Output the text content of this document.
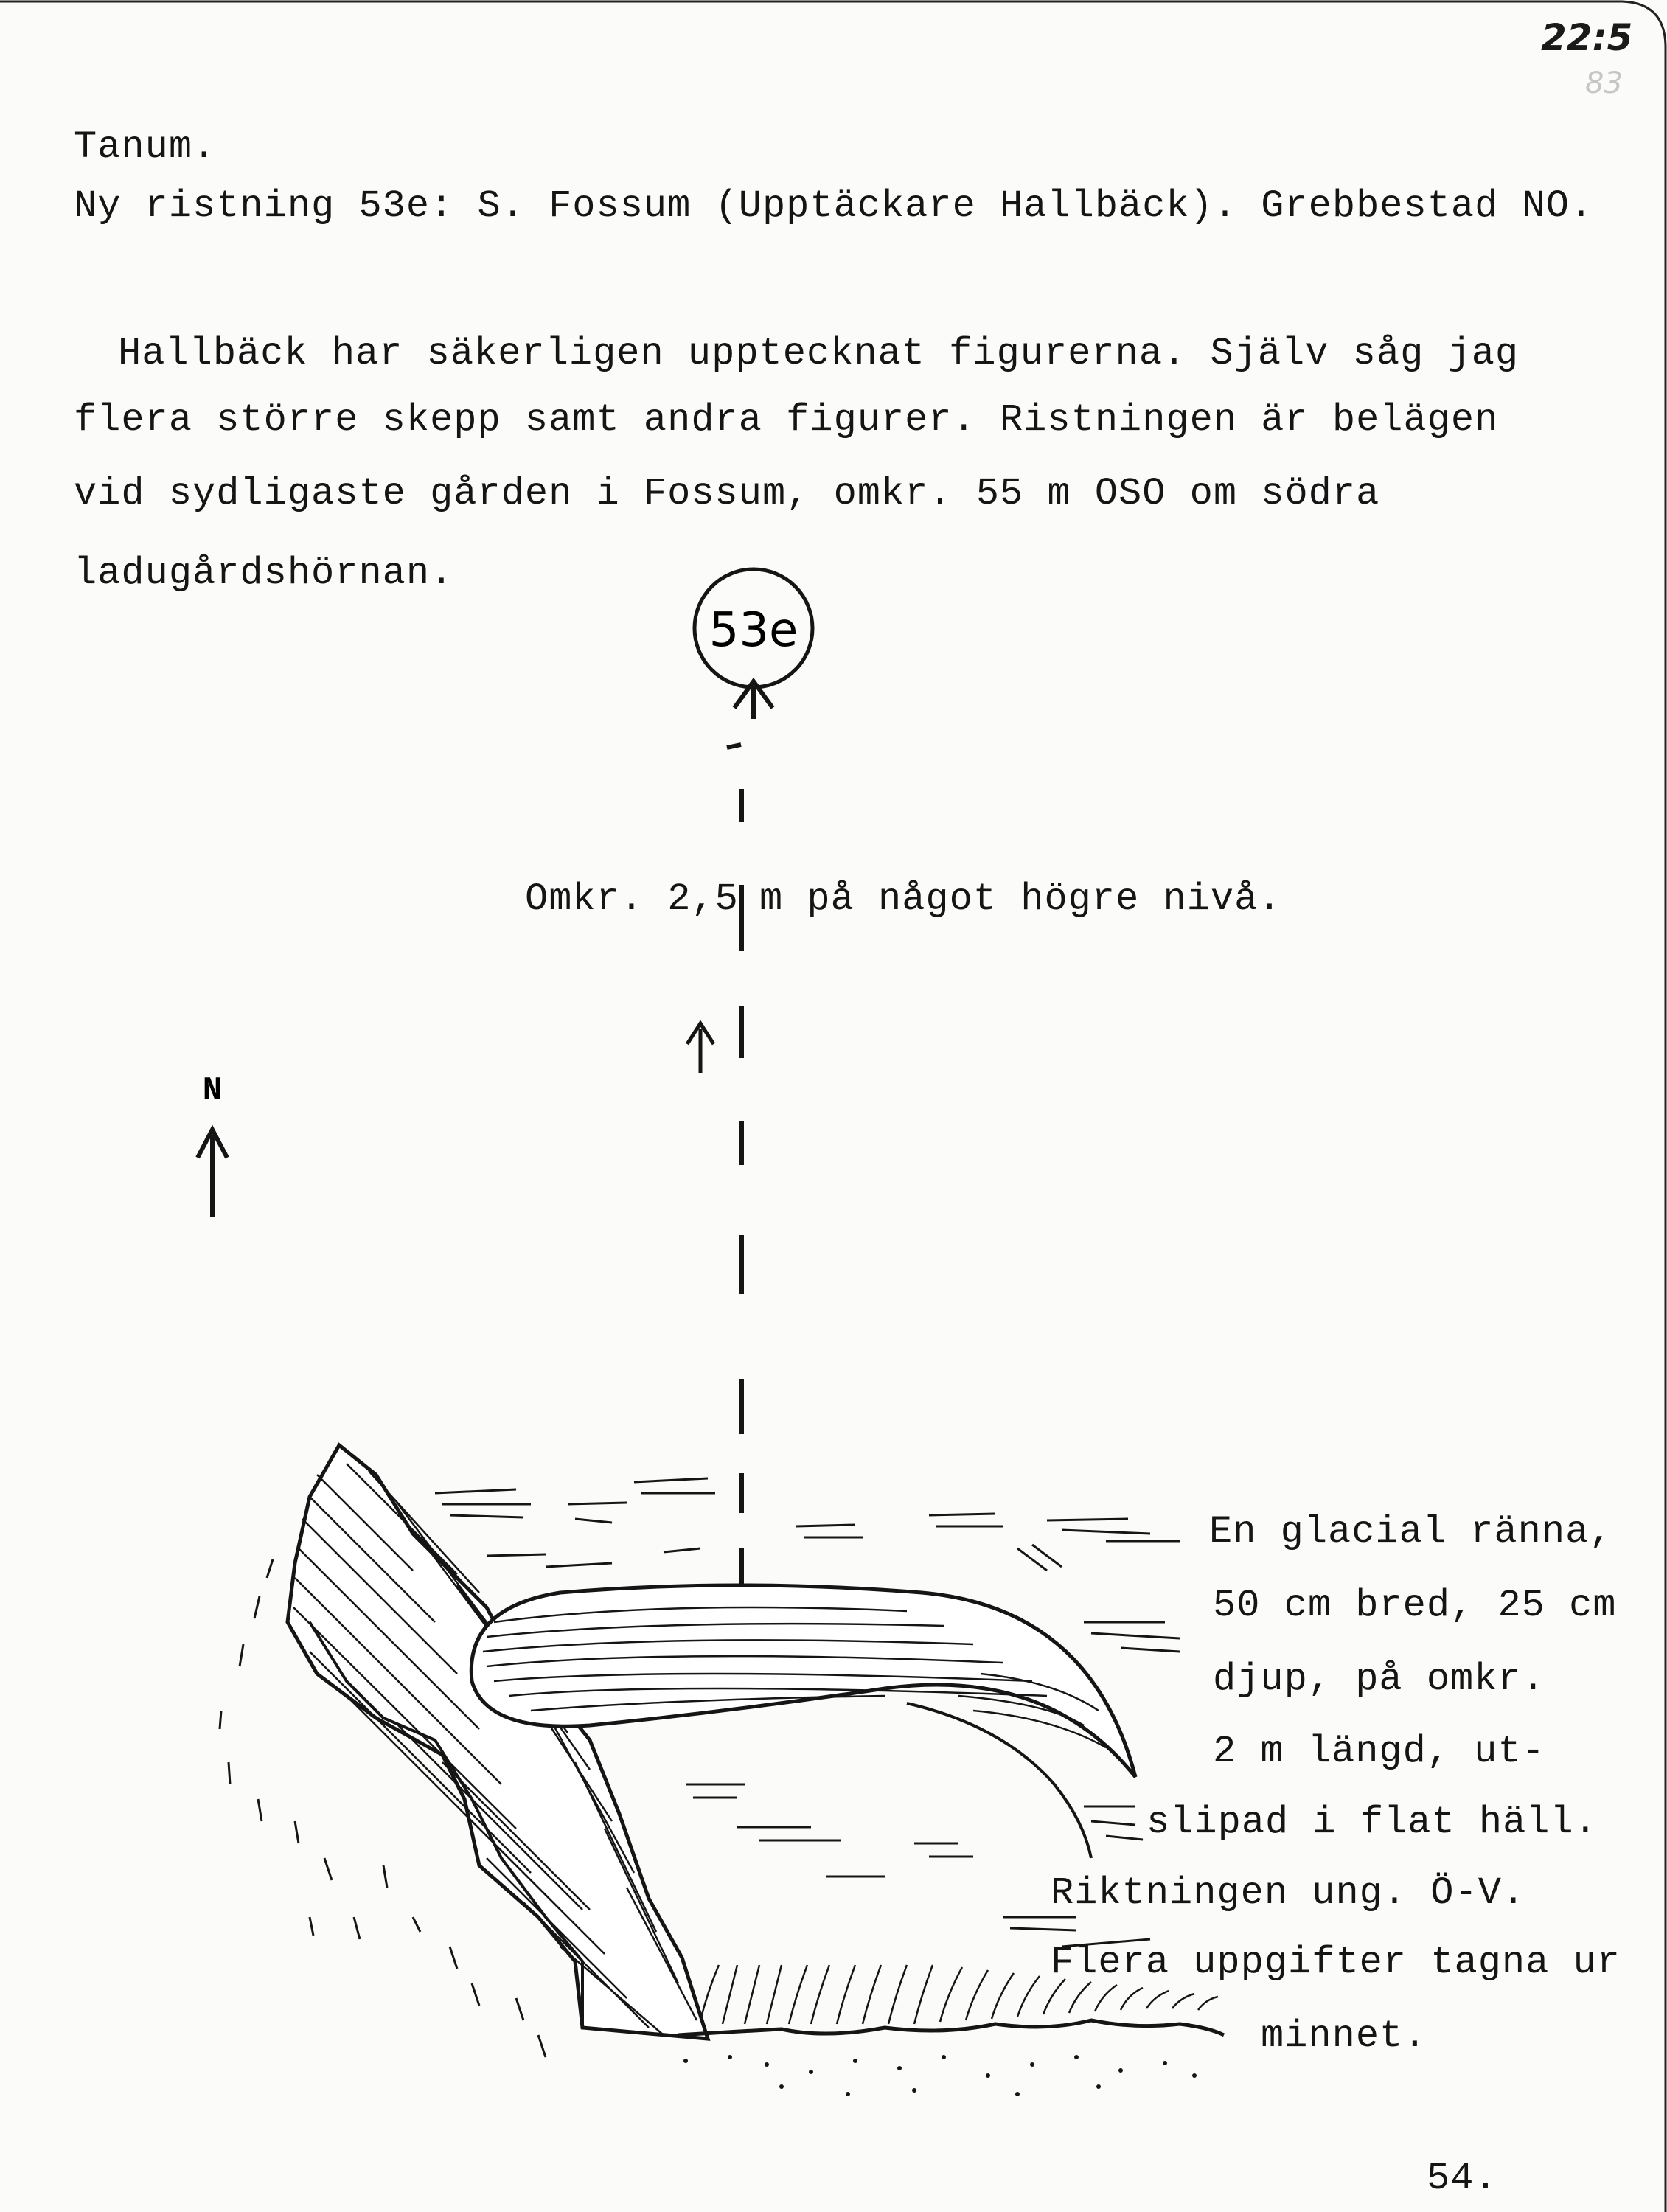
22:5
83
Tanum.
Ny ristning 53e: S. Fossum (Upptäckare Hallbäck). Grebbestad NO.
Hallbäck har säkerligen upptecknat figurerna. Själv såg jag
flera större skepp samt andra figurer. Ristningen är belägen
vid sydligaste gården i Fossum, omkr. 55 m OSO om södra
ladugårdshörnan.
53e
N
Omkr. 2,5 m på något högre nivå.
En glacial ränna,
50 cm bred, 25 cm
djup, på omkr.
2 m längd, ut-
slipad i flat häll.
Riktningen ung. Ö-V.
Flera uppgifter tagna ur
minnet.
54.
